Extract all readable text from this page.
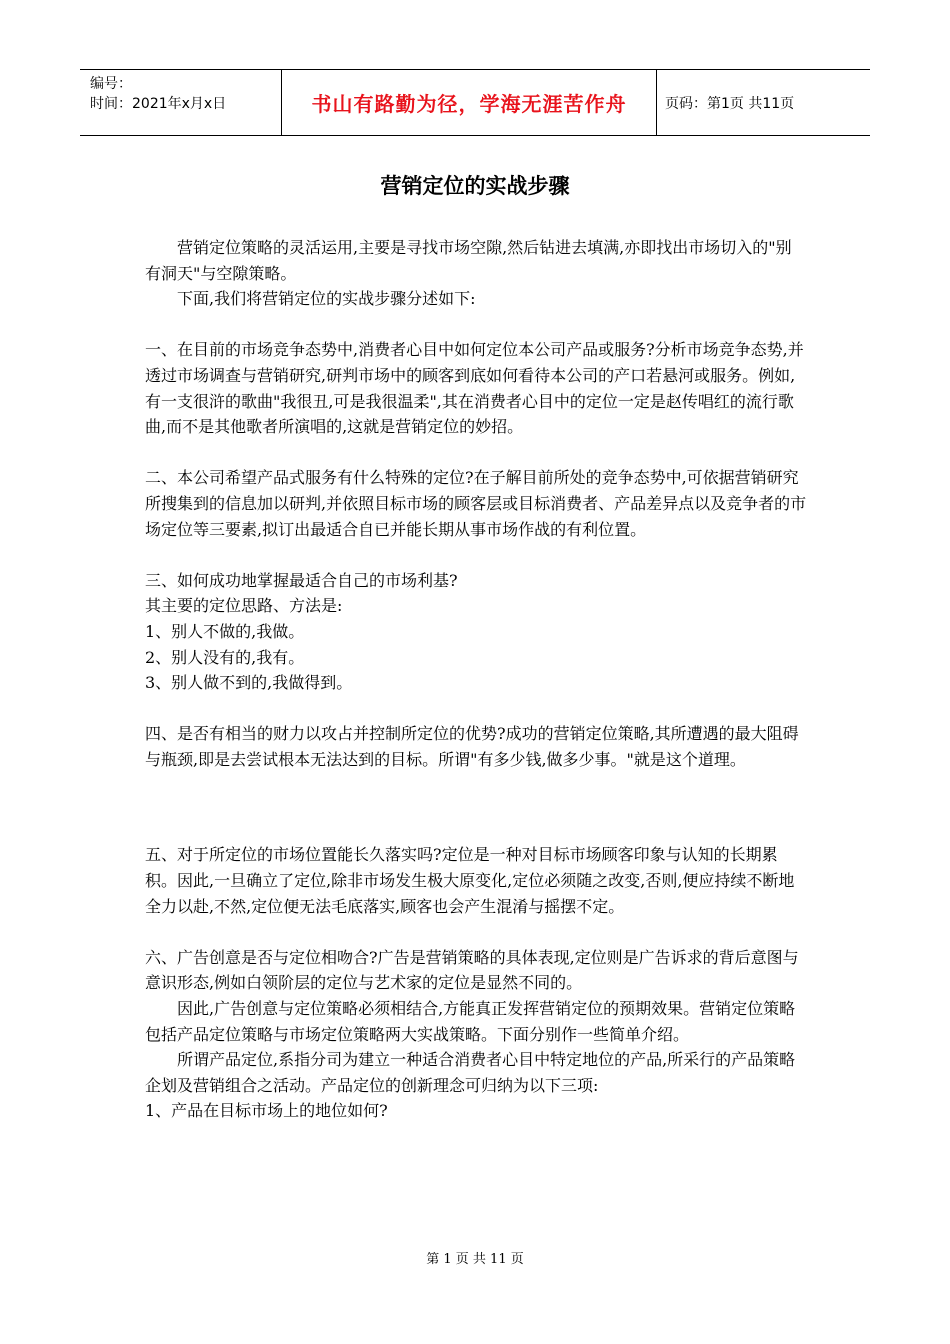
编号：
时间：2021年x月x日	书山有路勤为径，学海无涯苦作舟	页码：第1页 共11页
营销定位的实战步骤

营销定位策略的灵活运用,主要是寻找市场空隙,然后钻进去填满,亦即找出市场切入的"别有洞天"与空隙策略。

下面,我们将营销定位的实战步骤分述如下:

一、在目前的市场竞争态势中,消费者心目中如何定位本公司产品或服务?分析市场竞争态势,并透过市场调查与营销研究,研判市场中的顾客到底如何看待本公司的产口若悬河或服务。例如,有一支很浒的歌曲"我很丑,可是我很温柔",其在消费者心目中的定位一定是赵传唱红的流行歌曲,而不是其他歌者所演唱的,这就是营销定位的妙招。

二、本公司希望产品式服务有什么特殊的定位?在子解目前所处的竞争态势中,可依据营销研究所搜集到的信息加以研判,并依照目标市场的顾客层或目标消费者、产品差异点以及竞争者的市场定位等三要素,拟订出最适合自已并能长期从事市场作战的有利位置。

三、如何成功地掌握最适合自己的市场利基?

其主要的定位思路、方法是:

1、别人不做的,我做。

2、别人没有的,我有。

3、别人做不到的,我做得到。

四、是否有相当的财力以攻占并控制所定位的优势?成功的营销定位策略,其所遭遇的最大阻碍与瓶颈,即是去尝试根本无法达到的目标。所谓"有多少钱,做多少事。"就是这个道理。

五、对于所定位的市场位置能长久落实吗?定位是一种对目标市场顾客印象与认知的长期累积。因此,一旦确立了定位,除非市场发生极大原变化,定位必须随之改变,否则,便应持续不断地全力以赴,不然,定位便无法毛底落实,顾客也会产生混淆与摇摆不定。

六、广告创意是否与定位相吻合?广告是营销策略的具体表现,定位则是广告诉求的背后意图与意识形态,例如白领阶层的定位与艺术家的定位是显然不同的。

因此,广告创意与定位策略必须相结合,方能真正发挥营销定位的预期效果。营销定位策略包括产品定位策略与市场定位策略两大实战策略。下面分别作一些简单介绍。

所谓产品定位,系指分司为建立一种适合消费者心目中特定地位的产品,所采行的产品策略企划及营销组合之活动。产品定位的创新理念可归纳为以下三项:

1、产品在目标市场上的地位如何?

第 1 页 共 11 页
